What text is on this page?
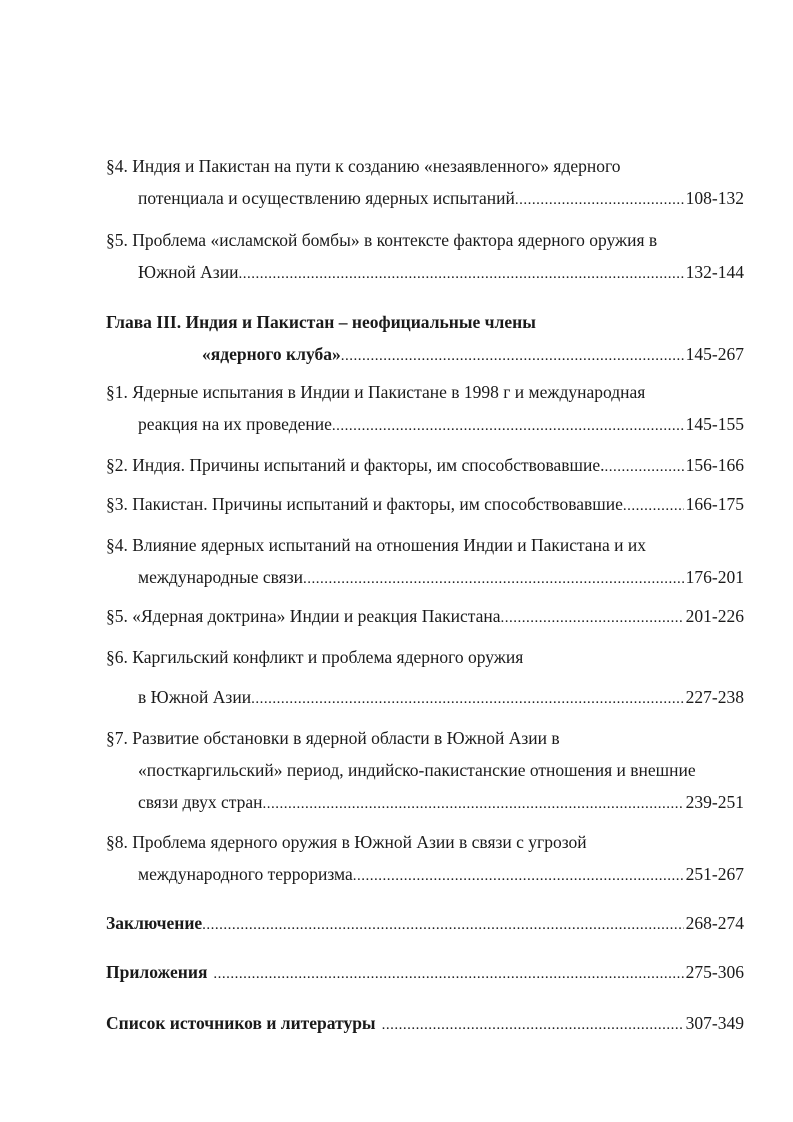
§4. Индия и Пакистан на пути к созданию «незаявленного» ядерного
потенциала и осуществлению ядерных испытаний .....	108-132
§5. Проблема «исламской бомбы» в контексте фактора ядерного оружия в
Южной Азии .....	132-144
Глава III. Индия и Пакистан – неофициальные члены
«ядерного клуба» .....	145-267
§1. Ядерные испытания в Индии и Пакистане в 1998 г и международная
реакция на их проведение .....	145-155
§2. Индия. Причины испытаний и факторы, им способствовавшие. .....	156-166
§3. Пакистан. Причины испытаний и факторы, им способствовавшие .....	166-175
§4. Влияние ядерных испытаний на отношения Индии и Пакистана и их
международные связи .....	176-201
§5. «Ядерная доктрина» Индии и реакция Пакистана .....	201-226
§6. Каргильский конфликт и проблема ядерного оружия
в Южной Азии .....	227-238
§7. Развитие обстановки в ядерной области в Южной Азии в
«посткаргильский» период, индийско-пакистанские отношения и внешние
связи двух стран .....	239-251
§8. Проблема ядерного оружия в Южной Азии в связи с угрозой
международного терроризма .....	251-267
Заключение .....	268-274
Приложения .....	275-306
Список источников и литературы .....	307-349
